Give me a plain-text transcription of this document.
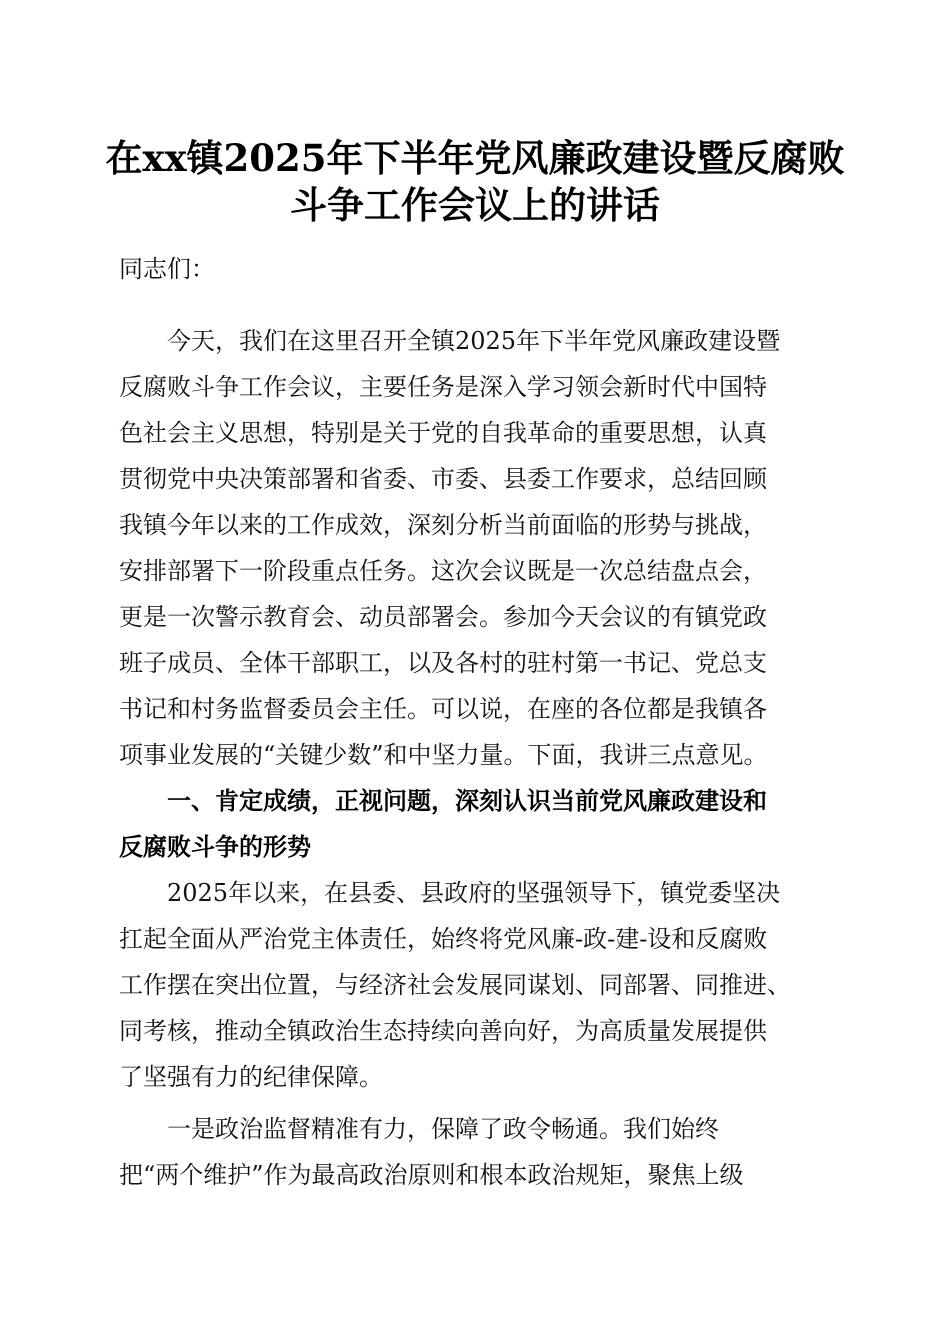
在xx镇2025年下半年党风廉政建设暨反腐败
斗争工作会议上的讲话

同志们：

　　今天，我们在这里召开全镇2025年下半年党风廉政建设暨

反腐败斗争工作会议，主要任务是深入学习领会新时代中国特

色社会主义思想，特别是关于党的自我革命的重要思想，认真

贯彻党中央决策部署和省委、市委、县委工作要求，总结回顾

我镇今年以来的工作成效，深刻分析当前面临的形势与挑战，

安排部署下一阶段重点任务。这次会议既是一次总结盘点会，

更是一次警示教育会、动员部署会。参加今天会议的有镇党政

班子成员、全体干部职工，以及各村的驻村第一书记、党总支

书记和村务监督委员会主任。可以说，在座的各位都是我镇各

项事业发展的“关键少数”和中坚力量。下面，我讲三点意见。

　　一、肯定成绩，正视问题，深刻认识当前党风廉政建设和

反腐败斗争的形势

　　2025年以来，在县委、县政府的坚强领导下，镇党委坚决

扛起全面从严治党主体责任，始终将党风廉-政-建-设和反腐败

工作摆在突出位置，与经济社会发展同谋划、同部署、同推进、

同考核，推动全镇政治生态持续向善向好，为高质量发展提供

了坚强有力的纪律保障。

　　一是政治监督精准有力，保障了政令畅通。我们始终

把“两个维护”作为最高政治原则和根本政治规矩，聚焦上级
